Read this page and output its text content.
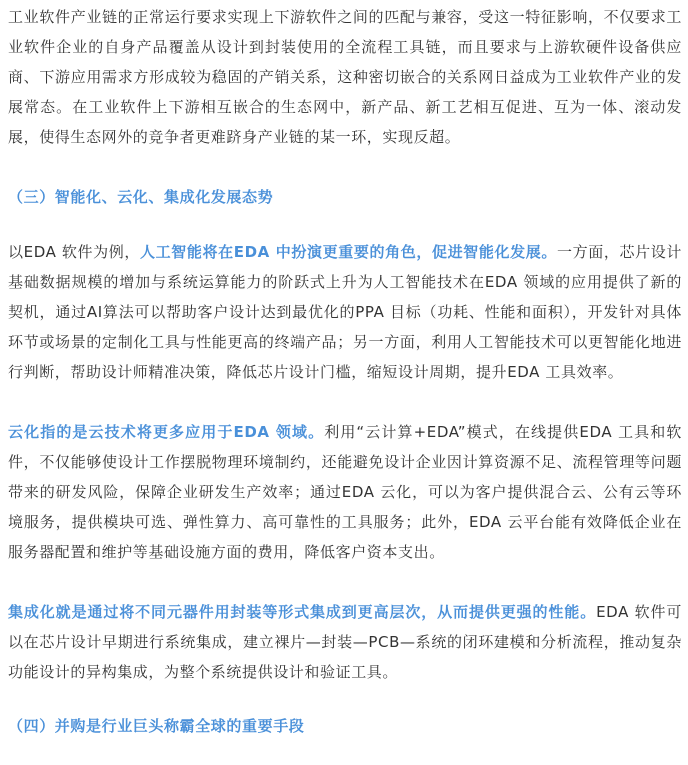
工业软件产业链的正常运行要求实现上下游软件之间的匹配与兼容，受这一特征影响，不仅要求工业软件企业的自身产品覆盖从设计到封装使用的全流程工具链，而且要求与上游软硬件设备供应商、下游应用需求方形成较为稳固的产销关系，这种密切嵌合的关系网日益成为工业软件产业的发展常态。在工业软件上下游相互嵌合的生态网中，新产品、新工艺相互促进、互为一体、滚动发展，使得生态网外的竞争者更难跻身产业链的某一环，实现反超。

（三）智能化、云化、集成化发展态势

以EDA 软件为例，人工智能将在EDA 中扮演更重要的角色，促进智能化发展。一方面，芯片设计基础数据规模的增加与系统运算能力的阶跃式上升为人工智能技术在EDA 领域的应用提供了新的契机，通过AI算法可以帮助客户设计达到最优化的PPA 目标（功耗、性能和面积），开发针对具体环节或场景的定制化工具与性能更高的终端产品；另一方面，利用人工智能技术可以更智能化地进行判断，帮助设计师精准决策，降低芯片设计门槛，缩短设计周期，提升EDA 工具效率。

云化指的是云技术将更多应用于EDA 领域。利用“云计算+EDA”模式，在线提供EDA 工具和软件，不仅能够使设计工作摆脱物理环境制约，还能避免设计企业因计算资源不足、流程管理等问题带来的研发风险，保障企业研发生产效率；通过EDA 云化，可以为客户提供混合云、公有云等环境服务，提供模块可选、弹性算力、高可靠性的工具服务；此外，EDA 云平台能有效降低企业在服务器配置和维护等基础设施方面的费用，降低客户资本支出。

集成化就是通过将不同元器件用封装等形式集成到更高层次，从而提供更强的性能。EDA 软件可以在芯片设计早期进行系统集成，建立裸片—封装—PCB—系统的闭环建模和分析流程，推动复杂功能设计的异构集成，为整个系统提供设计和验证工具。

（四）并购是行业巨头称霸全球的重要手段
